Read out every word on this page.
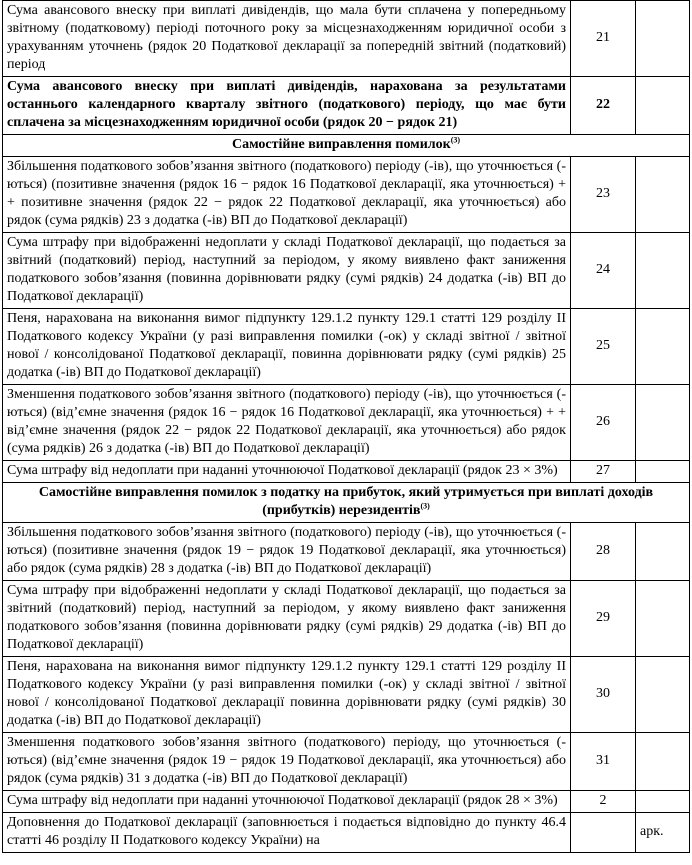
Сума авансового внеску при виплаті дивідендів, що мала бути сплачена у попередньому звітному (податковому) періоді поточного року за місцезнаходженням юридичної особи з урахуванням уточнень (рядок 20 Податкової декларації за попередній звітний (податковий) період	21	
Сума авансового внеску при виплаті дивідендів, нарахована за результатами останнього календарного кварталу звітного (податкового) періоду, що має бути сплачена за місцезнаходженням юридичної особи (рядок 20 − рядок 21)	22	
Самостійне виправлення помилок$^{(3)}$
Збільшення податкового зобов’язання звітного (податкового) періоду (-ів), що уточнюється (-ються) (позитивне значення (рядок 16 − рядок 16 Податкової декларації, яка уточнюється) + + позитивне значення (рядок 22 − рядок 22 Податкової декларації, яка уточнюється) або рядок (сума рядків) 23 з додатка (-ів) ВП до Податкової декларації)	23	
Сума штрафу при відображенні недоплати у складі Податкової декларації, що подається за звітний (податковий) період, наступний за періодом, у якому виявлено факт заниження податкового зобов’язання (повинна дорівнювати рядку (сумі рядків) 24 додатка (-ів) ВП до Податкової декларації)	24	
Пеня, нарахована на виконання вимог підпункту 129.1.2 пункту 129.1 статті 129 розділу II Податкового кодексу України (у разі виправлення помилки (-ок) у складі звітної / звітної нової / консолідованої Податкової декларації, повинна дорівнювати рядку (сумі рядків) 25 додатка (-ів) ВП до Податкової декларації)	25	
Зменшення податкового зобов’язання звітного (податкового) періоду (-ів), що уточнюється (-ються) (від’ємне значення (рядок 16 − рядок 16 Податкової декларації, яка уточнюється) + + від’ємне значення (рядок 22 − рядок 22 Податкової декларації, яка уточнюється) або рядок (сума рядків) 26 з додатка (-ів) ВП до Податкової декларації)	26	
Сума штрафу від недоплати при наданні уточнюючої Податкової декларації (рядок 23 × 3%)	27	
Самостійне виправлення помилок з податку на прибуток, який утримується при виплаті доходів (прибутків) нерезидентів$^{(3)}$
Збільшення податкового зобов’язання звітного (податкового) періоду (-ів), що уточнюється (-ються) (позитивне значення (рядок 19 − рядок 19 Податкової декларації, яка уточнюється) або рядок (сума рядків) 28 з додатка (-ів) ВП до Податкової декларації)	28	
Сума штрафу при відображенні недоплати у складі Податкової декларації, що подається за звітний (податковий) період, наступний за періодом, у якому виявлено факт заниження податкового зобов’язання (повинна дорівнювати рядку (сумі рядків) 29 додатка (-ів) ВП до Податкової декларації)	29	
Пеня, нарахована на виконання вимог підпункту 129.1.2 пункту 129.1 статті 129 розділу II Податкового кодексу України (у разі виправлення помилки (-ок) у складі звітної / звітної нової / консолідованої Податкової декларації повинна дорівнювати рядку (сумі рядків) 30 додатка (-ів) ВП до Податкової декларації)	30	
Зменшення податкового зобов’язання звітного (податкового) періоду, що уточнюється (-ються) (від’ємне значення (рядок 19 − рядок 19 Податкової декларації, яка уточнюється) або рядок (сума рядків) 31 з додатка (-ів) ВП до Податкової декларації)	31	
Сума штрафу від недоплати при наданні уточнюючої Податкової декларації (рядок 28 × 3%)	2	
Доповнення до Податкової декларації (заповнюється і подається відповідно до пункту 46.4 статті 46 розділу II Податкового кодексу України) на		арк.
